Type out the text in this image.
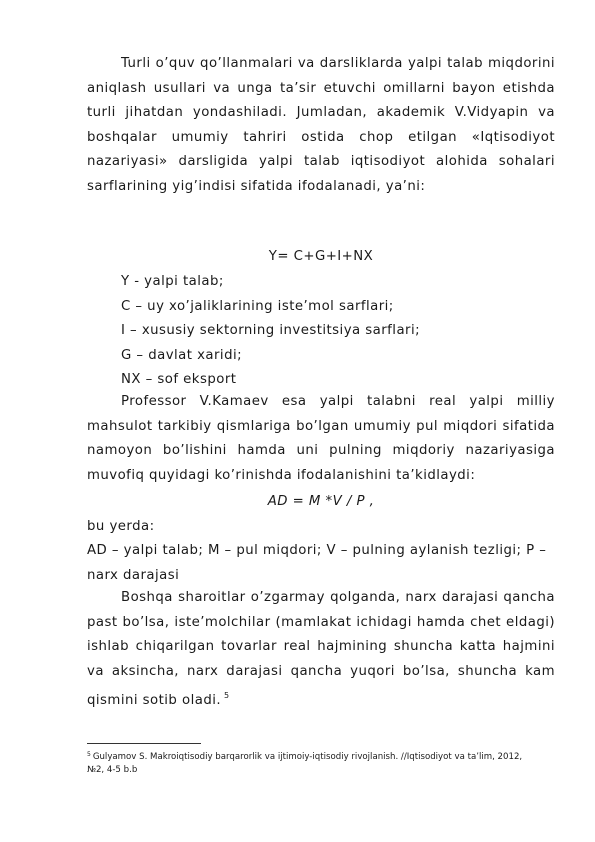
Turli o’quv qo’llanmalari va darsliklarda yalpi talab miqdorini aniqlash usullari va unga ta’sir etuvchi omillarni bayon etishda turli jihatdan yondashiladi. Jumladan, akademik V.Vidyapin va boshqalar umumiy tahriri ostida chop etilgan «Iqtisodiyot nazariyasi» darsligida yalpi talab iqtisodiyot alohida sohalari sarflarining yig’indisi sifatida ifodalanadi, ya’ni:

Y= C+G+I+NX
Y - yalpi talab;
C – uy xo’jaliklarining iste’mol sarflari;
I – xususiy sektorning investitsiya sarflari;
G – davlat xaridi;
NX – sof eksport

Professor V.Kamaev esa yalpi talabni real yalpi milliy mahsulot tarkibiy qismlariga bo’lgan umumiy pul miqdori sifatida namoyon bo’lishini hamda uni pulning miqdoriy nazariyasiga muvofiq quyidagi ko’rinishda ifodalanishini ta’kidlaydi:

AD = M *V / P ,
bu yerda:
AD – yalpi talab; M – pul miqdori; V – pulning aylanish tezligi; P –
narx darajasi

Boshqa sharoitlar o’zgarmay qolganda, narx darajasi qancha past bo’lsa, iste’molchilar (mamlakat ichidagi hamda chet eldagi) ishlab chiqarilgan tovarlar real hajmining shuncha katta hajmini va aksincha, narx darajasi qancha yuqori bo’lsa, shuncha kam qismini sotib oladi. $^5$

$^5$ Gulyamov S. Makroiqtisodiy barqarorlik va ijtimoiy-iqtisodiy rivojlanish. //Iqtisodiyot va ta’lim, 2012, №2, 4-5 b.b
